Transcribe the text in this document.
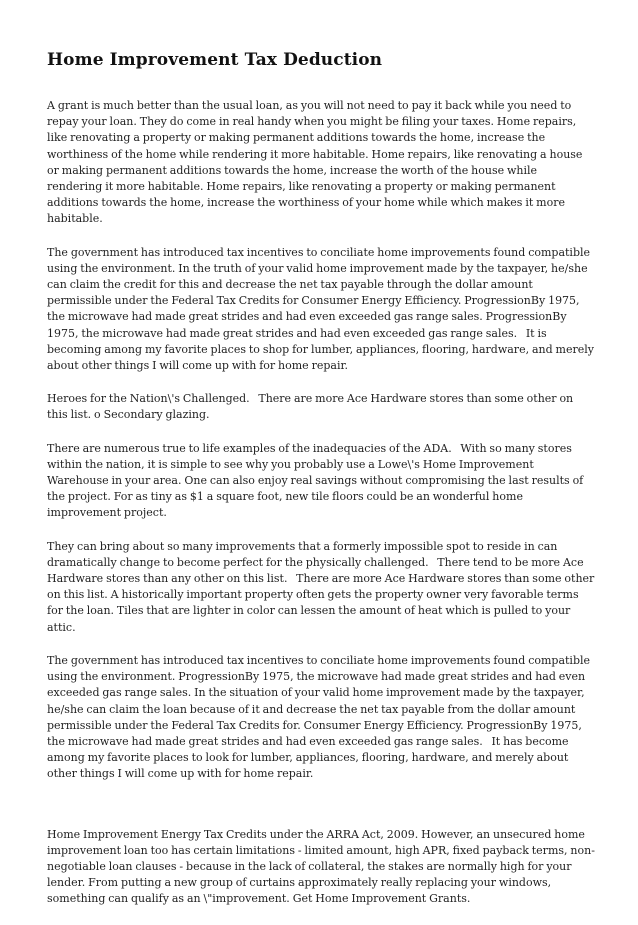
Home Improvement Tax Deduction

A grant is much better than the usual loan, as you will not need to pay it back while you need to repay your loan. They do come in real handy when you might be filing your taxes. Home repairs, like renovating a property or making permanent additions towards the home, increase the worthiness of the home while rendering it more habitable. Home repairs, like renovating a house or making permanent additions towards the home, increase the worth of the house while rendering it more habitable. Home repairs, like renovating a property or making permanent additions towards the home, increase the worthiness of your home while which makes it more habitable.

The government has introduced tax incentives to conciliate home improvements found compatible using the environment. In the truth of your valid home improvement made by the taxpayer, he/she can claim the credit for this and decrease the net tax payable through the dollar amount permissible under the Federal Tax Credits for Consumer Energy Efficiency. ProgressionBy 1975, the microwave had made great strides and had even exceeded gas range sales. ProgressionBy 1975, the microwave had made great strides and had even exceeded gas range sales.   It is becoming among my favorite places to shop for lumber, appliances, flooring, hardware, and merely about other things I will come up with for home repair.

Heroes for the Nation\'s Challenged.   There are more Ace Hardware stores than some other on this list. o Secondary glazing.

There are numerous true to life examples of the inadequacies of the ADA.   With so many stores within the nation, it is simple to see why you probably use a Lowe\'s Home Improvement Warehouse in your area. One can also enjoy real savings without compromising the last results of the project. For as tiny as $1 a square foot, new tile floors could be an wonderful home improvement project.

They can bring about so many improvements that a formerly impossible spot to reside in can dramatically change to become perfect for the physically challenged.   There tend to be more Ace Hardware stores than any other on this list.   There are more Ace Hardware stores than some other on this list. A historically important property often gets the property owner very favorable terms for the loan. Tiles that are lighter in color can lessen the amount of heat which is pulled to your attic.

The government has introduced tax incentives to conciliate home improvements found compatible using the environment. ProgressionBy 1975, the microwave had made great strides and had even exceeded gas range sales. In the situation of your valid home improvement made by the taxpayer, he/she can claim the loan because of it and decrease the net tax payable from the dollar amount permissible under the Federal Tax Credits for. Consumer Energy Efficiency. ProgressionBy 1975, the microwave had made great strides and had even exceeded gas range sales.   It has become among my favorite places to look for lumber, appliances, flooring, hardware, and merely about other things I will come up with for home repair.

Home Improvement Energy Tax Credits under the ARRA Act, 2009. However, an unsecured home improvement loan too has certain limitations - limited amount, high APR, fixed payback terms, non-negotiable loan clauses - because in the lack of collateral, the stakes are normally high for your lender. From putting a new group of curtains approximately really replacing your windows, something can qualify as an \"improvement. Get Home Improvement Grants.
